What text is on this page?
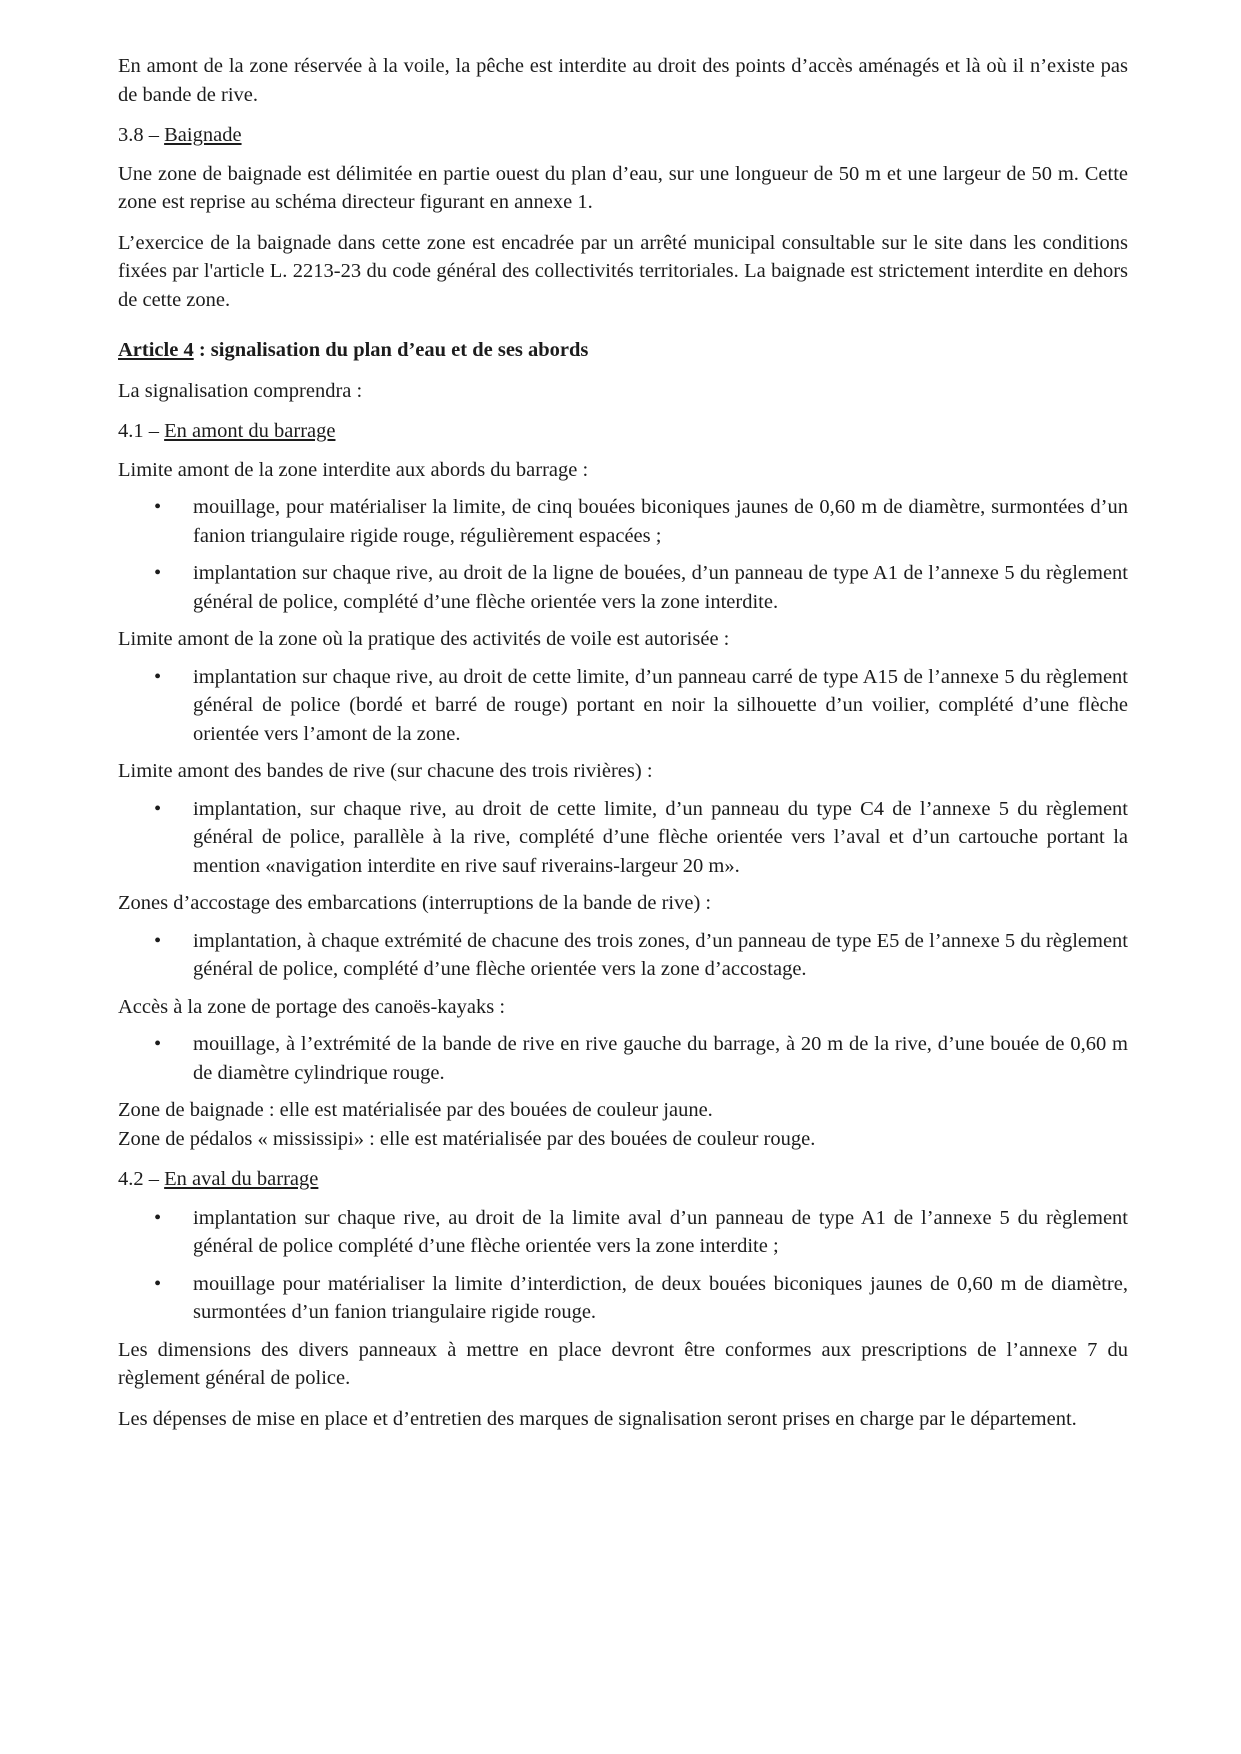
En amont de la zone réservée à la voile, la pêche est interdite au droit des points d’accès aménagés et là où il n’existe pas de bande de rive.

3.8 – Baignade

Une zone de baignade est délimitée en partie ouest du plan d’eau, sur une longueur de 50 m et une largeur de 50 m. Cette zone est reprise au schéma directeur figurant en annexe 1.

L’exercice de la baignade dans cette zone est encadrée par un arrêté municipal consultable sur le site dans les conditions fixées par l'article L. 2213-23 du code général des collectivités territoriales. La baignade est strictement interdite en dehors de cette zone.

Article 4 : signalisation du plan d’eau et de ses abords

La signalisation comprendra :

4.1 – En amont du barrage

Limite amont de la zone interdite aux abords du barrage :

• mouillage, pour matérialiser la limite, de cinq bouées biconiques jaunes de 0,60 m de diamètre, surmontées d’un fanion triangulaire rigide rouge, régulièrement espacées ;
• implantation sur chaque rive, au droit de la ligne de bouées, d’un panneau de type A1 de l’annexe 5 du règlement général de police, complété d’une flèche orientée vers la zone interdite.

Limite amont de la zone où la pratique des activités de voile est autorisée :

• implantation sur chaque rive, au droit de cette limite, d’un panneau carré de type A15 de l’annexe 5 du règlement général de police (bordé et barré de rouge) portant en noir la silhouette d’un voilier, complété d’une flèche orientée vers l’amont de la zone.

Limite amont des bandes de rive (sur chacune des trois rivières) :

• implantation, sur chaque rive, au droit de cette limite, d’un panneau du type C4 de l’annexe 5 du règlement général de police, parallèle à la rive, complété d’une flèche orientée vers l’aval et d’un cartouche portant la mention «navigation interdite en rive sauf riverains-largeur 20 m».

Zones d’accostage des embarcations (interruptions de la bande de rive) :

• implantation, à chaque extrémité de chacune des trois zones, d’un panneau de type E5 de l’annexe 5 du règlement général de police, complété d’une flèche orientée vers la zone d’accostage.

Accès à la zone de portage des canoës-kayaks :

• mouillage, à l’extrémité de la bande de rive en rive gauche du barrage, à 20 m de la rive, d’une bouée de 0,60 m de diamètre cylindrique rouge.

Zone de baignade : elle est matérialisée par des bouées de couleur jaune.

Zone de pédalos « mississipi» : elle est matérialisée par des bouées de couleur rouge.

4.2 – En aval du barrage

• implantation sur chaque rive, au droit de la limite aval d’un panneau de type A1 de l’annexe 5 du règlement général de police complété d’une flèche orientée vers la zone interdite ;
• mouillage pour matérialiser la limite d’interdiction, de deux bouées biconiques jaunes de 0,60 m de diamètre, surmontées d’un fanion triangulaire rigide rouge.

Les dimensions des divers panneaux à mettre en place devront être conformes aux prescriptions de l’annexe 7 du règlement général de police.

Les dépenses de mise en place et d’entretien des marques de signalisation seront prises en charge par le département.
